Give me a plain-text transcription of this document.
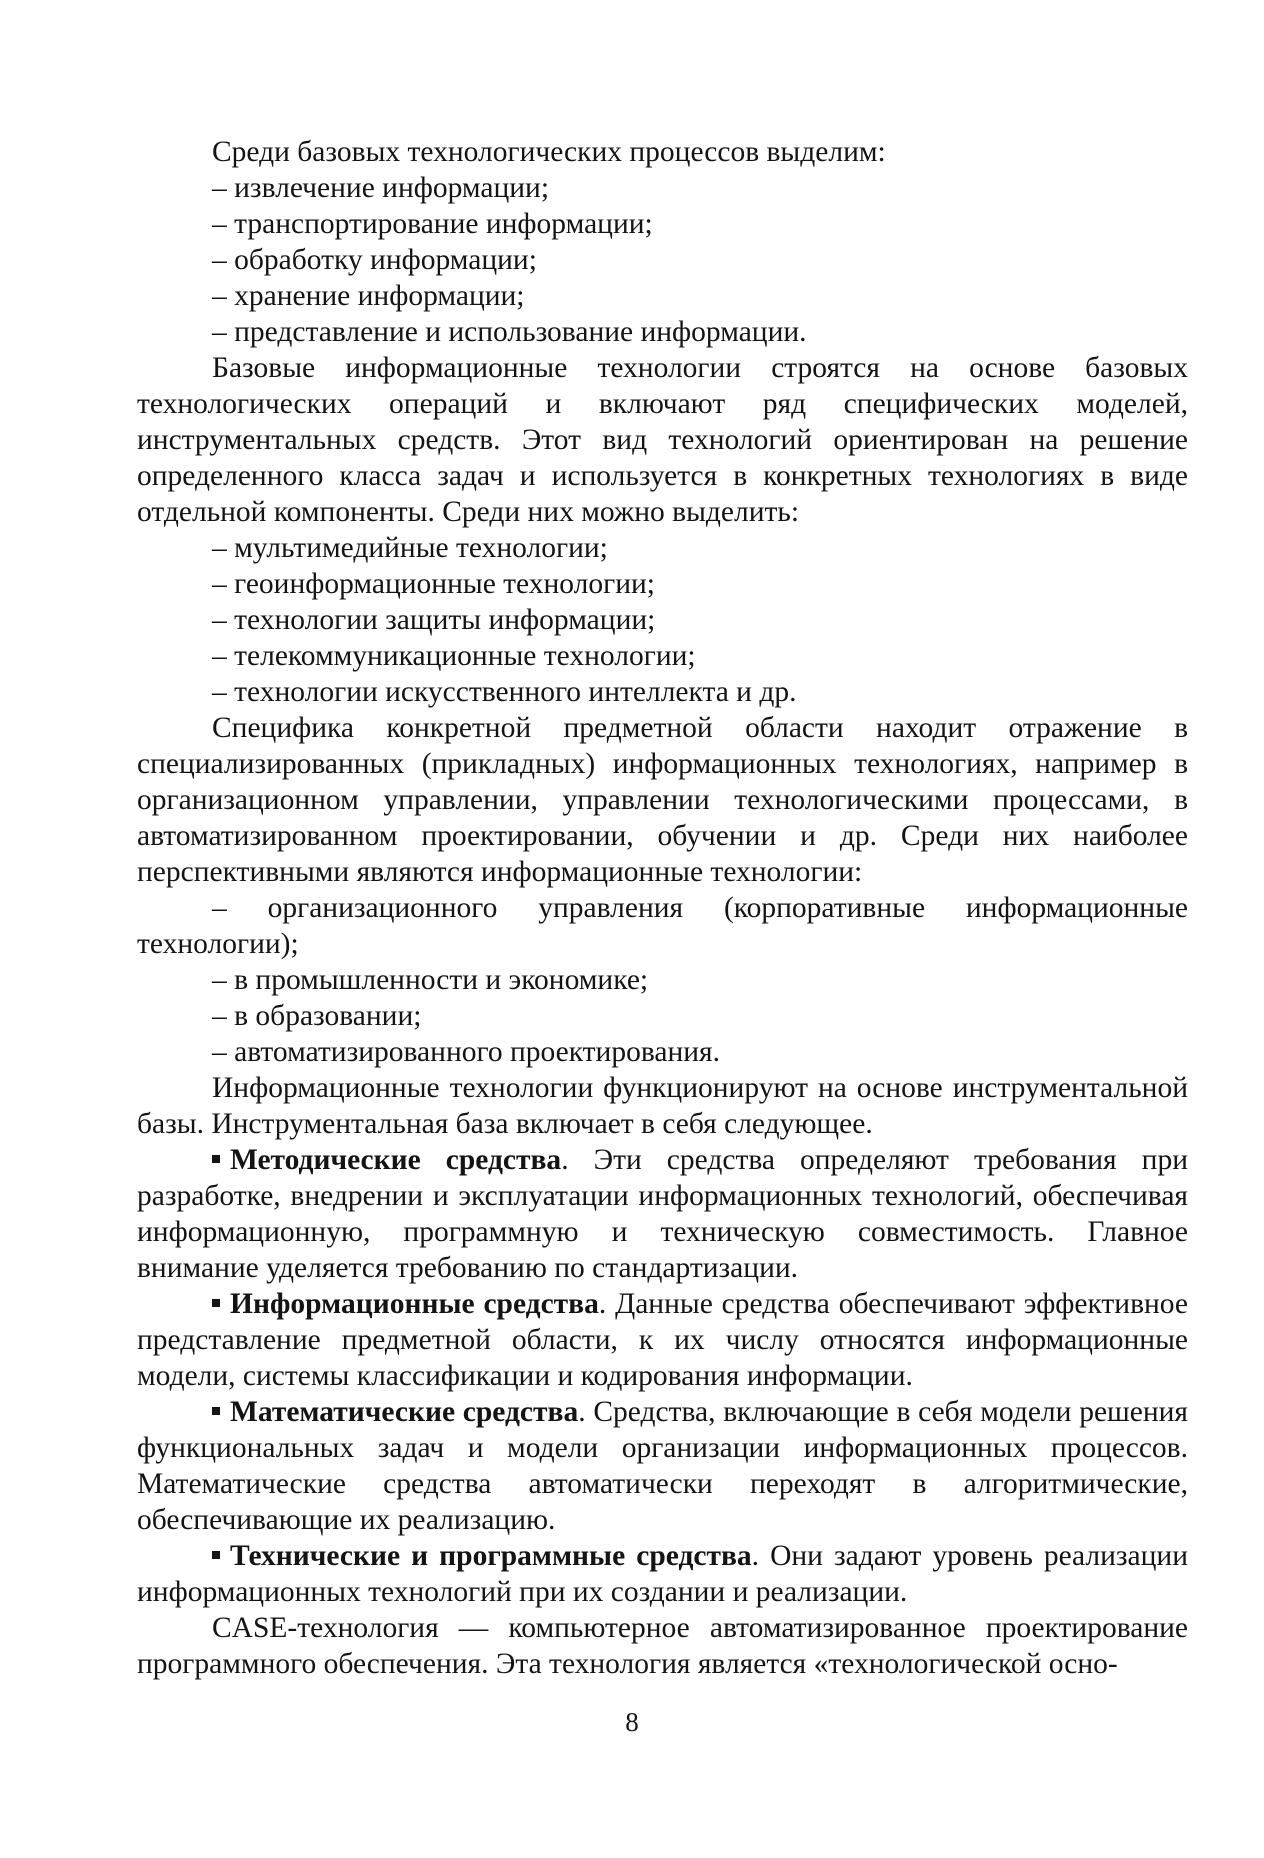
Среди базовых технологических процессов выделим:

– извлечение информации;

– транспортирование информации;

– обработку информации;

– хранение информации;

– представление и использование информации.

Базовые информационные технологии строятся на основе базовых технологических операций и включают ряд специфических моделей, инструментальных средств. Этот вид технологий ориентирован на решение определенного класса задач и используется в конкретных технологиях в виде отдельной компоненты. Среди них можно выделить:

– мультимедийные технологии;

– геоинформационные технологии;

– технологии защиты информации;

– телекоммуникационные технологии;

– технологии искусственного интеллекта и др.

Специфика конкретной предметной области находит отражение в специализированных (прикладных) информационных технологиях, например в организационном управлении, управлении технологическими процессами, в автоматизированном проектировании, обучении и др. Среди них наиболее перспективными являются информационные технологии:

– организационного управления (корпоративные информационные технологии);

– в промышленности и экономике;

– в образовании;

– автоматизированного проектирования.

Информационные технологии функционируют на основе инструментальной базы. Инструментальная база включает в себя следующее.

Методические средства. Эти средства определяют требования при разработке, внедрении и эксплуатации информационных технологий, обеспечивая информационную, программную и техническую совместимость. Главное внимание уделяется требованию по стандартизации.

Информационные средства. Данные средства обеспечивают эффективное представление предметной области, к их числу относятся информационные модели, системы классификации и кодирования информации.

Математические средства. Средства, включающие в себя модели решения функциональных задач и модели организации информационных процессов. Математические средства автоматически переходят в алгоритмические, обеспечивающие их реализацию.

Технические и программные средства. Они задают уровень реализации информационных технологий при их создании и реализации.

CASE-технология — компьютерное автоматизированное проектирование программного обеспечения. Эта технология является «технологической осно-

8
